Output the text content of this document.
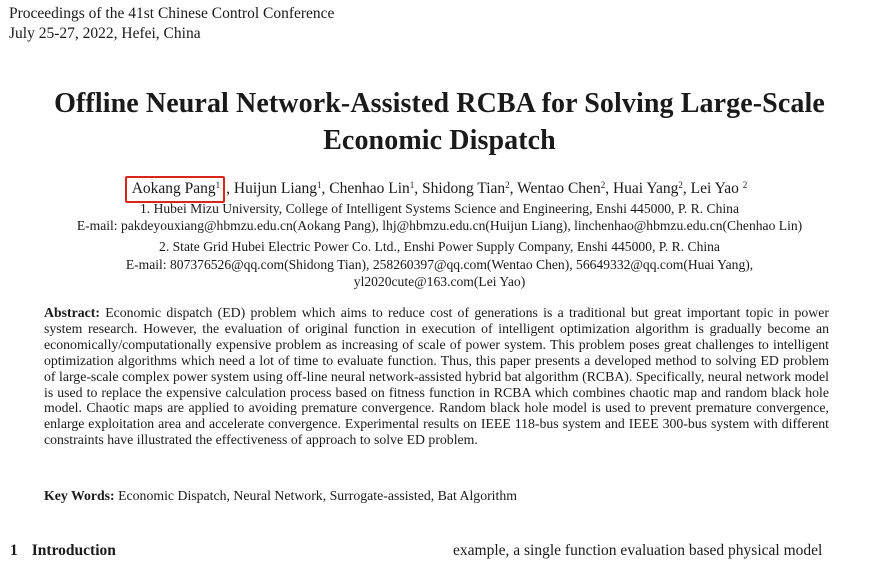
Proceedings of the 41st Chinese Control Conference
July 25-27, 2022, Hefei, China
Offline Neural Network-Assisted RCBA for Solving Large-Scale
Economic Dispatch
Aokang Pang$^1$ , Huijun Liang$^1$, Chenhao Lin$^1$, Shidong Tian$^2$, Wentao Chen$^2$, Huai Yang$^2$, Lei Yao $^2$
1. Hubei Mizu University, College of Intelligent Systems Science and Engineering, Enshi 445000, P. R. China
E-mail: pakdeyouxiang@hbmzu.edu.cn(Aokang Pang), lhj@hbmzu.edu.cn(Huijun Liang), linchenhao@hbmzu.edu.cn(Chenhao Lin)
2. State Grid Hubei Electric Power Co. Ltd., Enshi Power Supply Company, Enshi 445000, P. R. China
E-mail: 807376526@qq.com(Shidong Tian), 258260397@qq.com(Wentao Chen), 56649332@qq.com(Huai Yang),
yl2020cute@163.com(Lei Yao)
Abstract: Economic dispatch (ED) problem which aims to reduce cost of generations is a traditional but great important topic in power system research. However, the evaluation of original function in execution of intelligent optimization algorithm is gradually become an economically/computationally expensive problem as increasing of scale of power system. This problem poses great challenges to intelligent optimization algorithms which need a lot of time to evaluate function. Thus, this paper presents a developed method to solving ED problem of large-scale complex power system using off-line neural network-assisted hybrid bat algorithm (RCBA). Specifically, neural network model is used to replace the expensive calculation process based on fitness function in RCBA which combines chaotic map and random black hole model. Chaotic maps are applied to avoiding premature convergence. Random black hole model is used to prevent premature convergence, enlarge exploitation area and accelerate convergence. Experimental results on IEEE 118-bus system and IEEE 300-bus system with different constraints have illustrated the effectiveness of approach to solve ED problem.
Key Words: Economic Dispatch, Neural Network, Surrogate-assisted, Bat Algorithm
1 Introduction	example, a single function evaluation based physical model
